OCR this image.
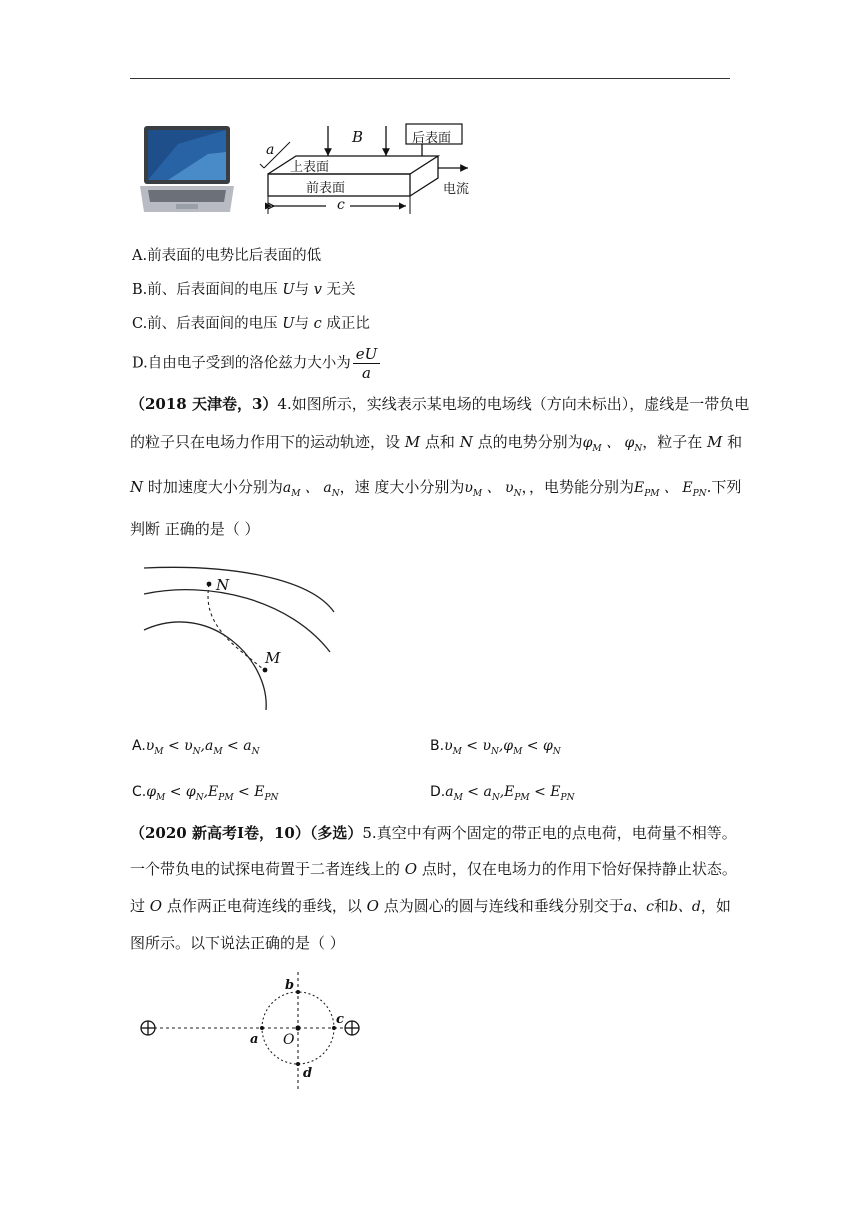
B	后表面
上表面
前表面	电流
a
c
A.前表面的电势比后表面的低
B.前、后表面间的电压 U与 v 无关
C.前、后表面间的电压 U与 c 成正比
D.自由电子受到的洛伦兹力大小为 $\frac{eU}{a}$
（2018 天津卷，3）4.如图所示，实线表示某电场的电场线（方向未标出），虚线是一带负电
的粒子只在电场力作用下的运动轨迹，设 M 点和 N 点的电势分别为$\varphi_M$ 、 $\varphi_N$，粒子在 M 和
N 时加速度大小分别为$a_M$ 、 $a_N$，速 度大小分别为$\upsilon_M$ 、 $\upsilon_N$，，电势能分别为$E_{PM}$ 、 $E_{PN}$.下列
判断 正确的是（ ）
N
M
$A.\upsilon_M < \upsilon_N,a_M < a_N$	$B.\upsilon_M < \upsilon_N,\varphi_M < \varphi_N$
$C.\varphi_M < \varphi_N,E_{PM} < E_{PN}$	$D.a_M < a_N,E_{PM} < E_{PN}$
（2020 新高考Ⅰ卷，10）（多选）5.真空中有两个固定的带正电的点电荷，电荷量不相等。
一个带负电的试探电荷置于二者连线上的 O 点时，仅在电场力的作用下恰好保持静止状态。
过 O 点作两正电荷连线的垂线，以 O 点为圆心的圆与连线和垂线分别交于a、c和b、d，如
图所示。以下说法正确的是（ ）
b
c
a O
d
